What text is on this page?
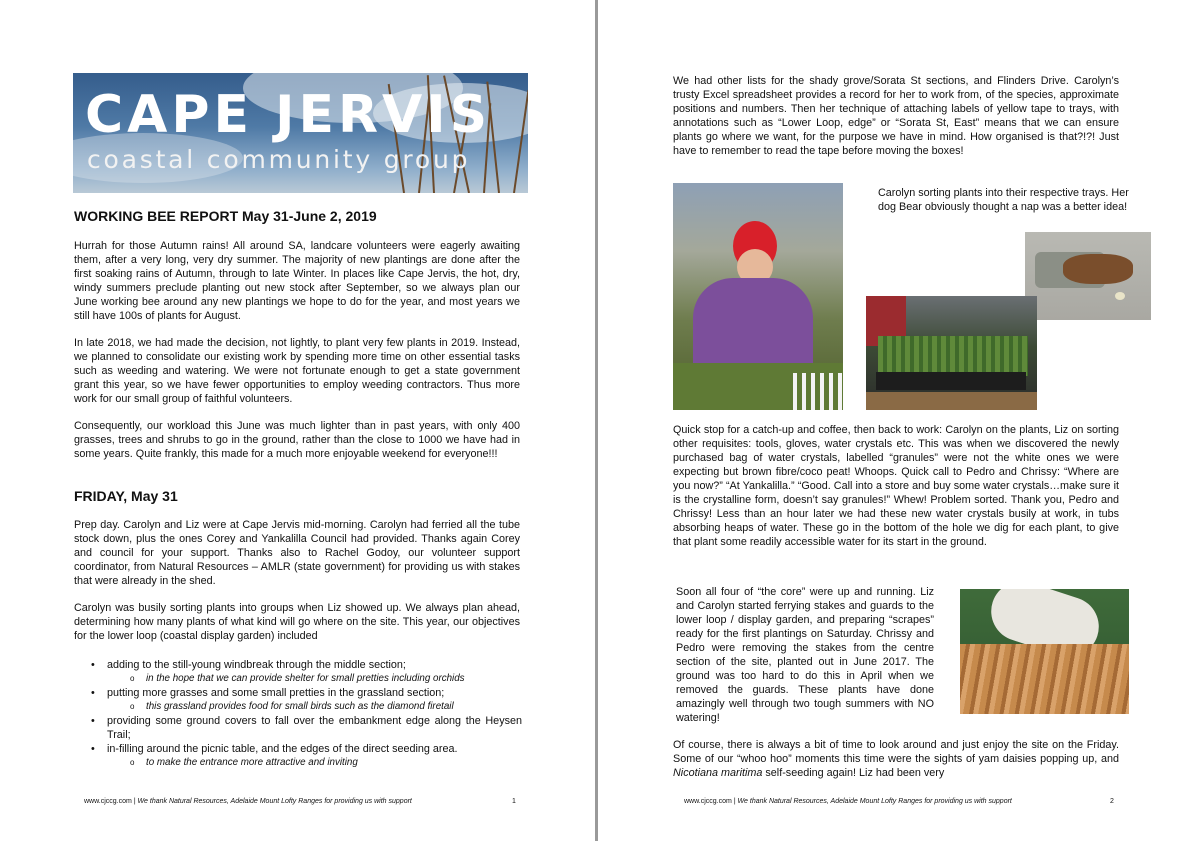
CAPE JERVIS
coastal community group
WORKING BEE REPORT May 31-June 2, 2019

Hurrah for those Autumn rains! All around SA, landcare volunteers were eagerly awaiting them, after a very long, very dry summer. The majority of new plantings are done after the first soaking rains of Autumn, through to late Winter. In places like Cape Jervis, the hot, dry, windy summers preclude planting out new stock after September, so we always plan our June working bee around any new plantings we hope to do for the year, and most years we still have 100s of plants for August.

In late 2018, we had made the decision, not lightly, to plant very few plants in 2019. Instead, we planned to consolidate our existing work by spending more time on other essential tasks such as weeding and watering. We were not fortunate enough to get a state government grant this year, so we have fewer opportunities to employ weeding contractors. Thus more work for our small group of faithful volunteers.

Consequently, our workload this June was much lighter than in past years, with only 400 grasses, trees and shrubs to go in the ground, rather than the close to 1000 we have had in some years. Quite frankly, this made for a much more enjoyable weekend for everyone!!!

FRIDAY, May 31

Prep day. Carolyn and Liz were at Cape Jervis mid-morning. Carolyn had ferried all the tube stock down, plus the ones Corey and Yankalilla Council had provided. Thanks again Corey and council for your support. Thanks also to Rachel Godoy, our volunteer support coordinator, from Natural Resources – AMLR (state government) for providing us with stakes that were already in the shed.

Carolyn was busily sorting plants into groups when Liz showed up. We always plan ahead, determining how many plants of what kind will go where on the site. This year, our objectives for the lower loop (coastal display garden) included

• adding to the still-young windbreak through the middle section;
o in the hope that we can provide shelter for small pretties including orchids
• putting more grasses and some small pretties in the grassland section;
o this grassland provides food for small birds such as the diamond firetail
• providing some ground covers to fall over the embankment edge along the Heysen Trail;
• in-filling around the picnic table, and the edges of the direct seeding area.
o to make the entrance more attractive and inviting
www.cjccg.com | We thank Natural Resources, Adelaide Mount Lofty Ranges for providing us with support	1

We had other lists for the shady grove/Sorata St sections, and Flinders Drive. Carolyn’s trusty Excel spreadsheet provides a record for her to work from, of the species, approximate positions and numbers. Then her technique of attaching labels of yellow tape to trays, with annotations such as “Lower Loop, edge” or “Sorata St, East” means that we can ensure plants go where we want, for the purpose we have in mind. How organised is that?!?! Just have to remember to read the tape before moving the boxes!

Carolyn sorting plants into their respective trays. Her dog Bear obviously thought a nap was a better idea!

Quick stop for a catch-up and coffee, then back to work: Carolyn on the plants, Liz on sorting other requisites: tools, gloves, water crystals etc. This was when we discovered the newly purchased bag of water crystals, labelled “granules” were not the white ones we were expecting but brown fibre/coco peat! Whoops. Quick call to Pedro and Chrissy: “Where are you now?” “At Yankalilla.” “Good. Call into a store and buy some water crystals…make sure it is the crystalline form, doesn’t say granules!” Whew! Problem sorted. Thank you, Pedro and Chrissy! Less than an hour later we had these new water crystals busily at work, in tubs absorbing heaps of water. These go in the bottom of the hole we dig for each plant, to give that plant some readily accessible water for its start in the ground.

Soon all four of “the core” were up and running. Liz and Carolyn started ferrying stakes and guards to the lower loop / display garden, and preparing “scrapes” ready for the first plantings on Saturday. Chrissy and Pedro were removing the stakes from the centre section of the site, planted out in June 2017. The ground was too hard to do this in April when we removed the guards. These plants have done amazingly well through two tough summers with NO watering!

Of course, there is always a bit of time to look around and just enjoy the site on the Friday. Some of our “whoo hoo” moments this time were the sights of yam daisies popping up, and Nicotiana maritima self-seeding again! Liz had been very

www.cjccg.com | We thank Natural Resources, Adelaide Mount Lofty Ranges for providing us with support	2
